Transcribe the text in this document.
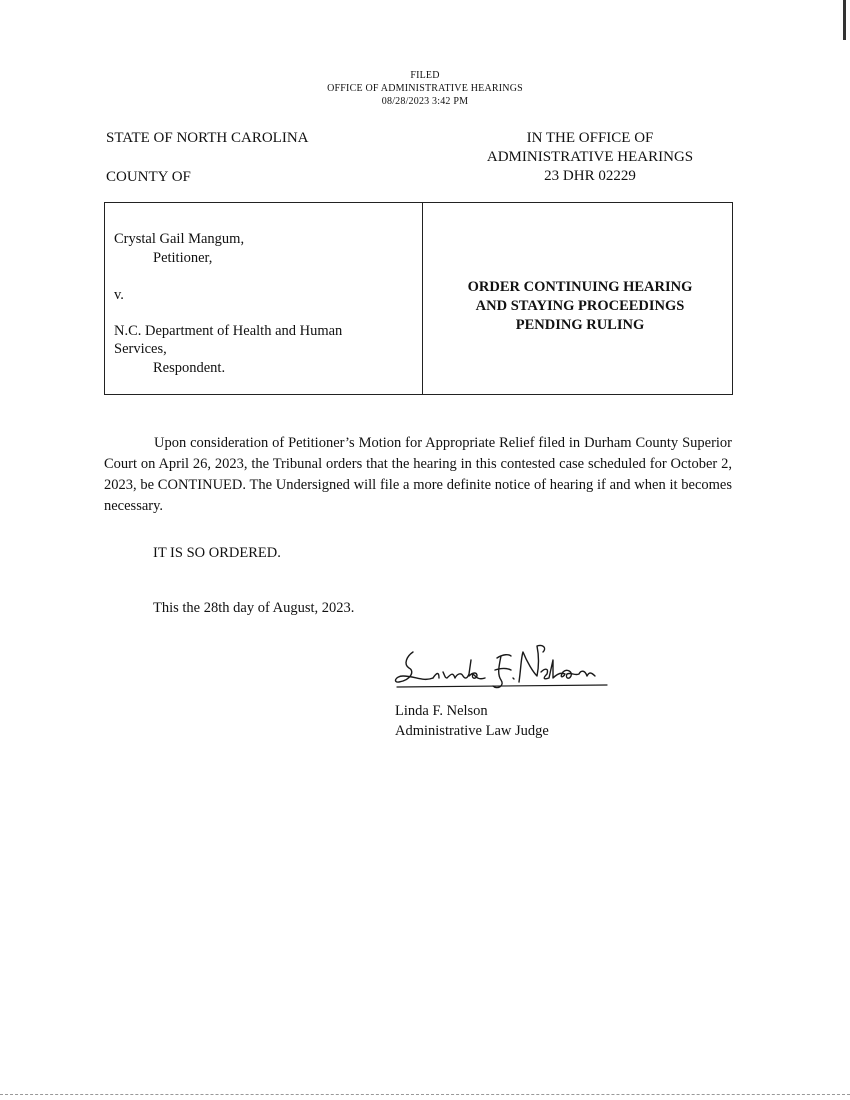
FILED
OFFICE OF ADMINISTRATIVE HEARINGS
08/28/2023 3:42 PM
STATE OF NORTH CAROLINA
COUNTY OF
IN THE OFFICE OF
ADMINISTRATIVE HEARINGS
23 DHR 02229
Crystal Gail Mangum,
Petitioner,
v.
N.C. Department of Health and Human
Services,
Respondent.
ORDER CONTINUING HEARING
AND STAYING PROCEEDINGS
PENDING RULING
Upon consideration of Petitioner’s Motion for Appropriate Relief filed in Durham County Superior Court on April 26, 2023, the Tribunal orders that the hearing in this contested case scheduled for October 2, 2023, be CONTINUED. The Undersigned will file a more definite notice of hearing if and when it becomes necessary.
IT IS SO ORDERED.
This the 28th day of August, 2023.
Linda F. Nelson
Administrative Law Judge
